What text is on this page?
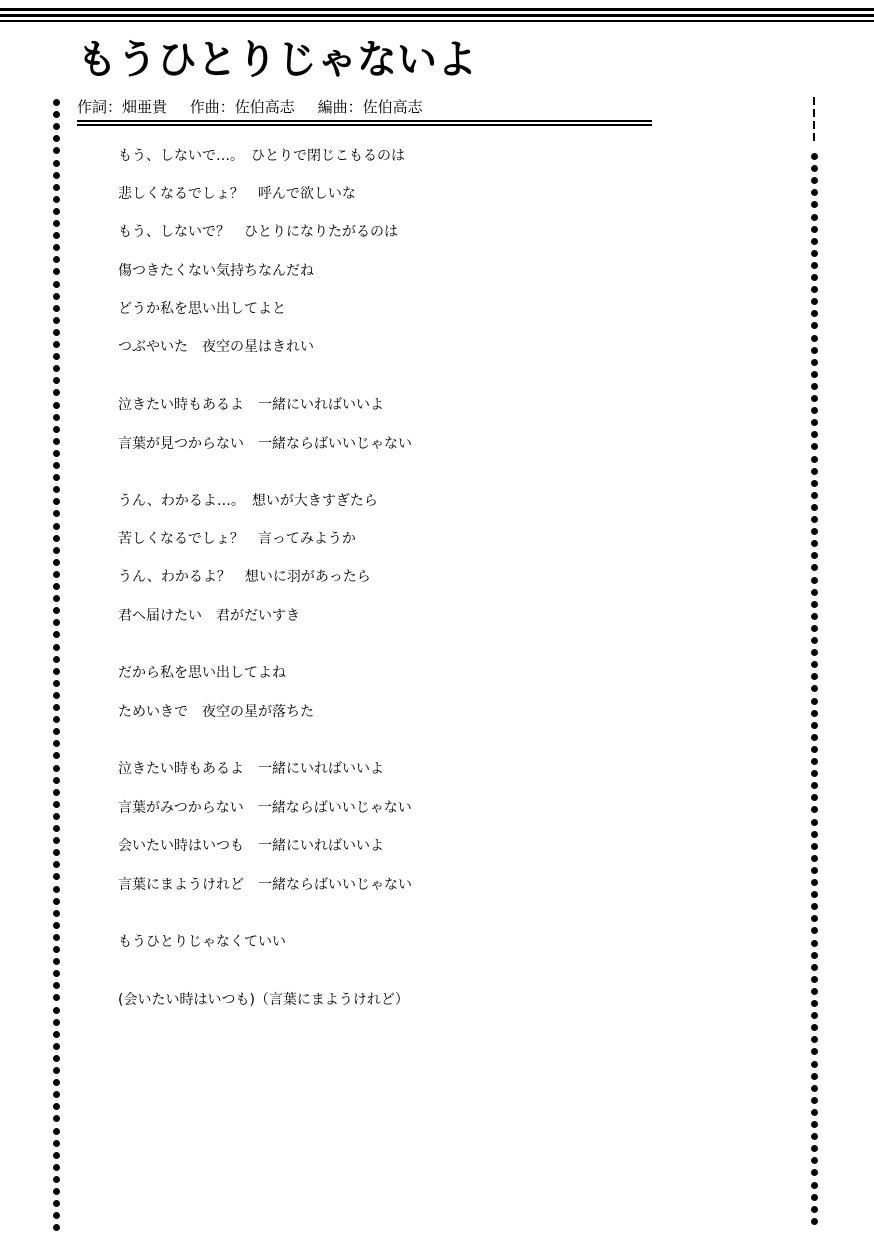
もうひとりじゃないよ
作詞：畑亜貴 作曲：佐伯高志 編曲：佐伯高志
もう、しないで…。　ひとりで閉じこもるのは
悲しくなるでしょ？　呼んで欲しいな
もう、しないで？　ひとりになりたがるのは
傷つきたくない気持ちなんだね
どうか私を思い出してよと
つぶやいた　夜空の星はきれい
泣きたい時もあるよ　一緒にいればいいよ
言葉が見つからない　一緒ならばいいじゃない
うん、わかるよ…。　想いが大きすぎたら
苦しくなるでしょ？　言ってみようか
うん、わかるよ？　想いに羽があったら
君へ届けたい　君がだいすき
だから私を思い出してよね
ためいきで　夜空の星が落ちた
泣きたい時もあるよ　一緒にいればいいよ
言葉がみつからない　一緒ならばいいじゃない
会いたい時はいつも　一緒にいればいいよ
言葉にまようけれど　一緒ならばいいじゃない
もうひとりじゃなくていい
(会いたい時はいつも)（言葉にまようけれど）
